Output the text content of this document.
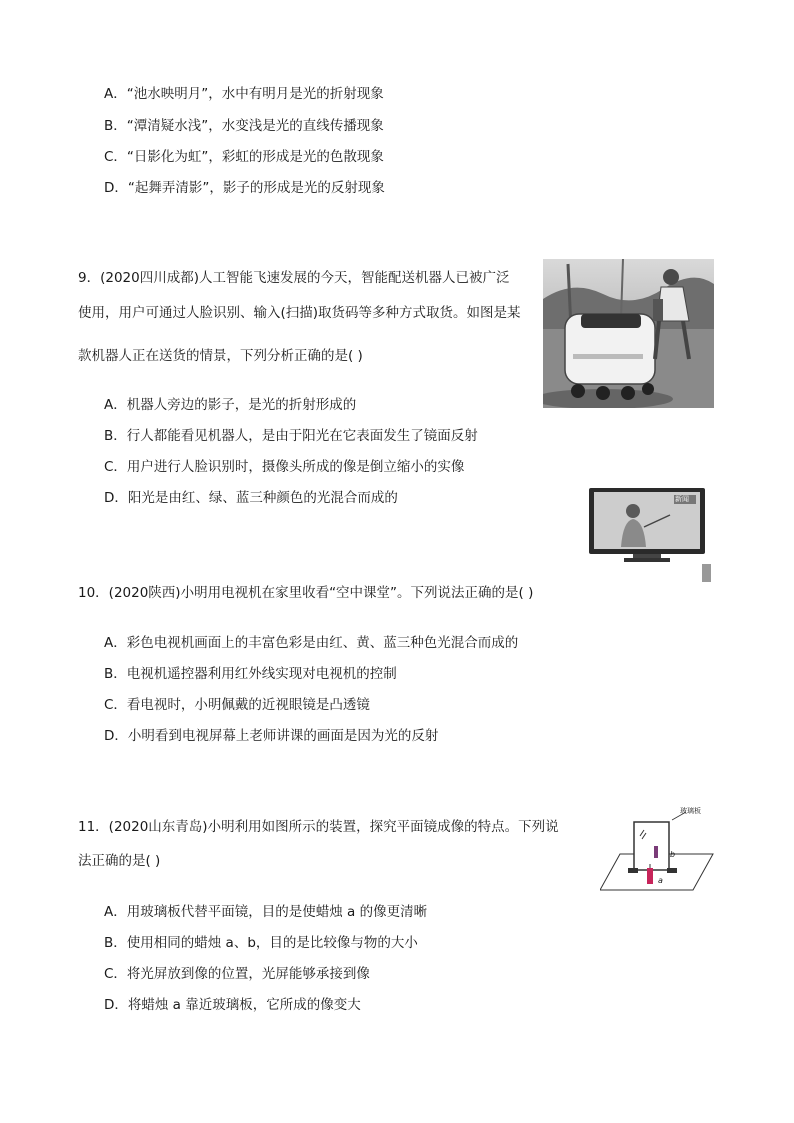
A．“池水映明月”，水中有明月是光的折射现象
B．“潭清疑水浅”，水变浅是光的直线传播现象
C．“日影化为虹”，彩虹的形成是光的色散现象
D．“起舞弄清影”，影子的形成是光的反射现象
9．(2020四川成都)人工智能飞速发展的今天，智能配送机器人已被广泛
使用，用户可通过人脸识别、输入(扫描)取货码等多种方式取货。如图是某
款机器人正在送货的情景，下列分析正确的是( )
A．机器人旁边的影子，是光的折射形成的
B．行人都能看见机器人，是由于阳光在它表面发生了镜面反射
C．用户进行人脸识别时，摄像头所成的像是倒立缩小的实像
D．阳光是由红、绿、蓝三种颜色的光混合而成的	新闻
10．(2020陕西)小明用电视机在家里收看“空中课堂”。下列说法正确的是( )
A．彩色电视机画面上的丰富色彩是由红、黄、蓝三种色光混合而成的
B．电视机遥控器利用红外线实现对电视机的控制
C．看电视时，小明佩戴的近视眼镜是凸透镜
D．小明看到电视屏幕上老师讲课的画面是因为光的反射
11．(2020山东青岛)小明利用如图所示的装置，探究平面镜成像的特点。下列说
法正确的是( )
玻璃板
a
b
A．用玻璃板代替平面镜，目的是使蜡烛 a 的像更清晰
B．使用相同的蜡烛 a、b，目的是比较像与物的大小
C．将光屏放到像的位置，光屏能够承接到像
D．将蜡烛 a 靠近玻璃板，它所成的像变大
